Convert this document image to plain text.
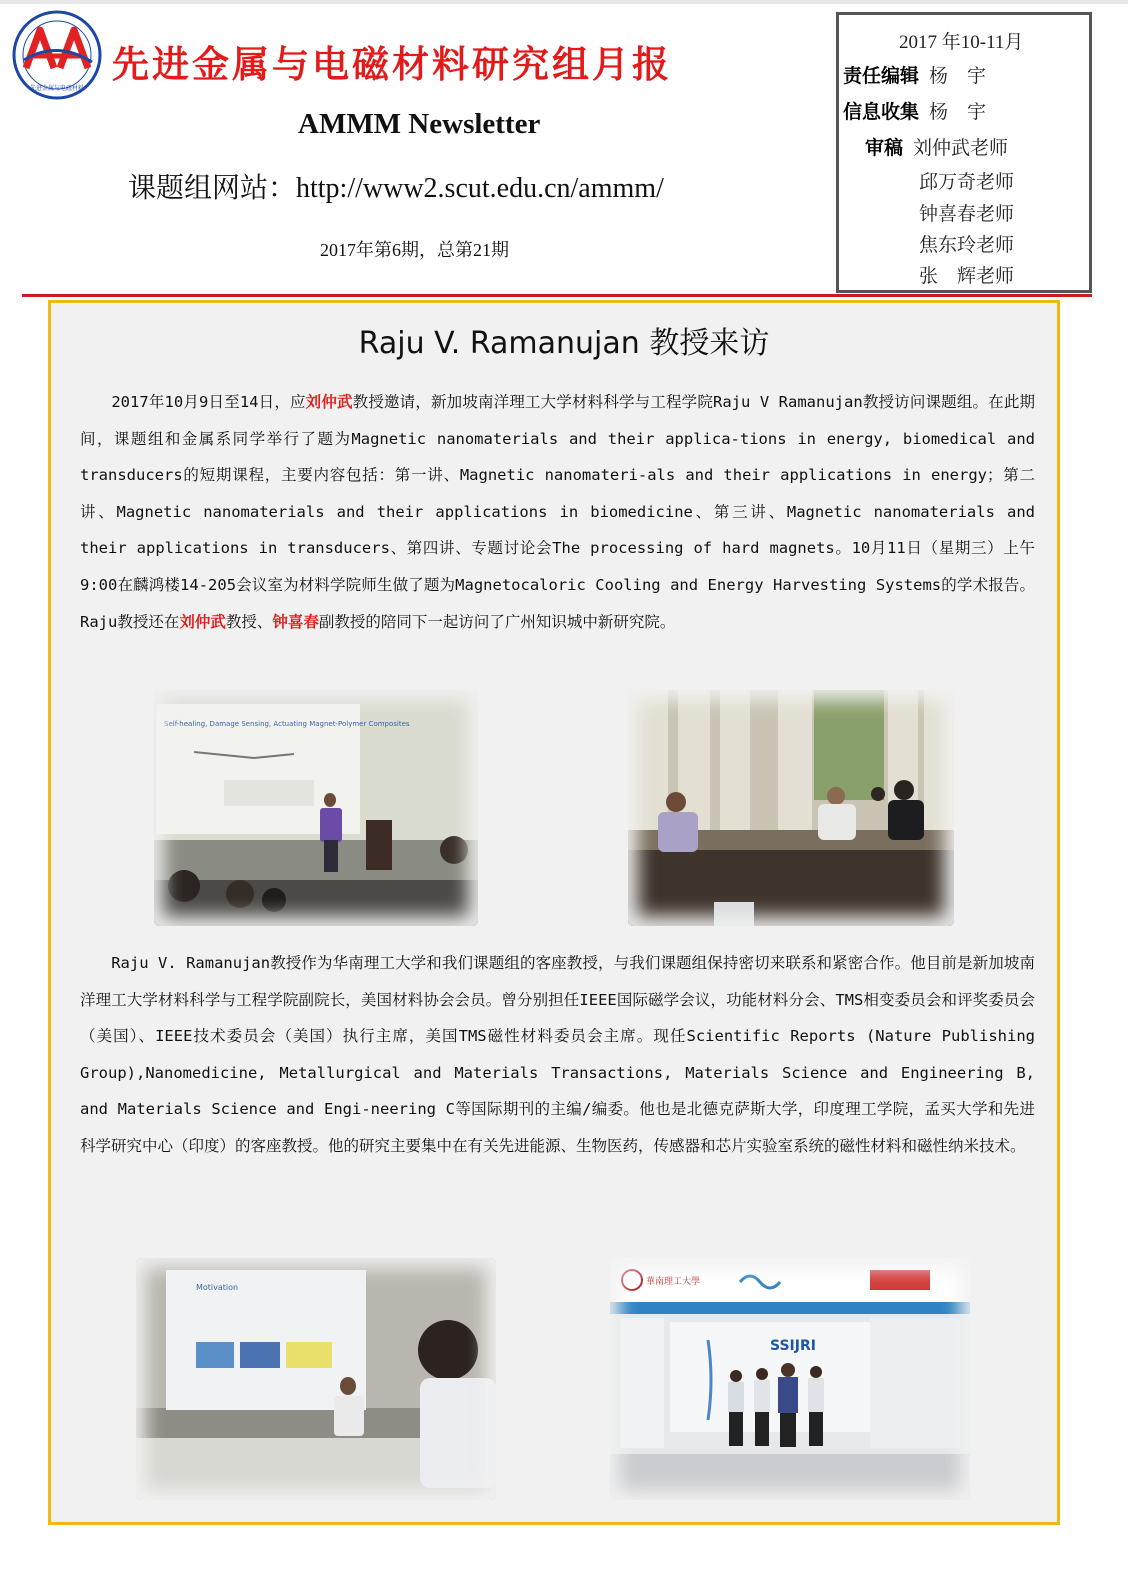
先进金属与电磁材料
先进金属与电磁材料研究组月报
AMMM Newsletter
课题组网站：http://www2.scut.edu.cn/ammm/
2017年第6期，总第21期
2017 年10-11月
责任编辑 杨　宇
信息收集 杨　宇
审稿 刘仲武老师
邱万奇老师
钟喜春老师
焦东玲老师
张　辉老师
Raju V. Ramanujan 教授来访

　　2017年10月9日至14日，应刘仲武教授邀请，新加坡南洋理工大学材料科学与工程学院Raju V Ramanujan教授访问课题组。在此期间，课题组和金属系同学举行了题为Magnetic nanomaterials and their applica-tions in energy, biomedical and transducers的短期课程，主要内容包括：第一讲、Magnetic nanomateri-als and their applications in energy；第二讲、Magnetic nanomaterials and their applications in biomedicine、第三讲、Magnetic nanomaterials and their applications in transducers、第四讲、专题讨论会The processing of hard magnets。10月11日（星期三）上午9:00在麟鸿楼14-205会议室为材料学院师生做了题为Magnetocaloric Cooling and Energy Harvesting Systems的学术报告。Raju教授还在刘仲武教授、钟喜春副教授的陪同下一起访问了广州知识城中新研究院。

Self-healing, Damage Sensing, Actuating Magnet-Polymer Composites

　　Raju V. Ramanujan教授作为华南理工大学和我们课题组的客座教授，与我们课题组保持密切来联系和紧密合作。他目前是新加坡南洋理工大学材料科学与工程学院副院长，美国材料协会会员。曾分别担任IEEE国际磁学会议，功能材料分会、TMS相变委员会和评奖委员会（美国）、IEEE技术委员会（美国）执行主席，美国TMS磁性材料委员会主席。现任Scientific Reports (Nature Publishing Group),Nanomedicine, Metallurgical and Materials Transactions, Materials Science and Engineering B, and Materials Science and Engi-neering C等国际期刊的主编/编委。他也是北德克萨斯大学，印度理工学院，孟买大学和先进科学研究中心（印度）的客座教授。他的研究主要集中在有关先进能源、生物医药，传感器和芯片实验室系统的磁性材料和磁性纳米技术。

Motivation
華南理工大學
SSIJRI
